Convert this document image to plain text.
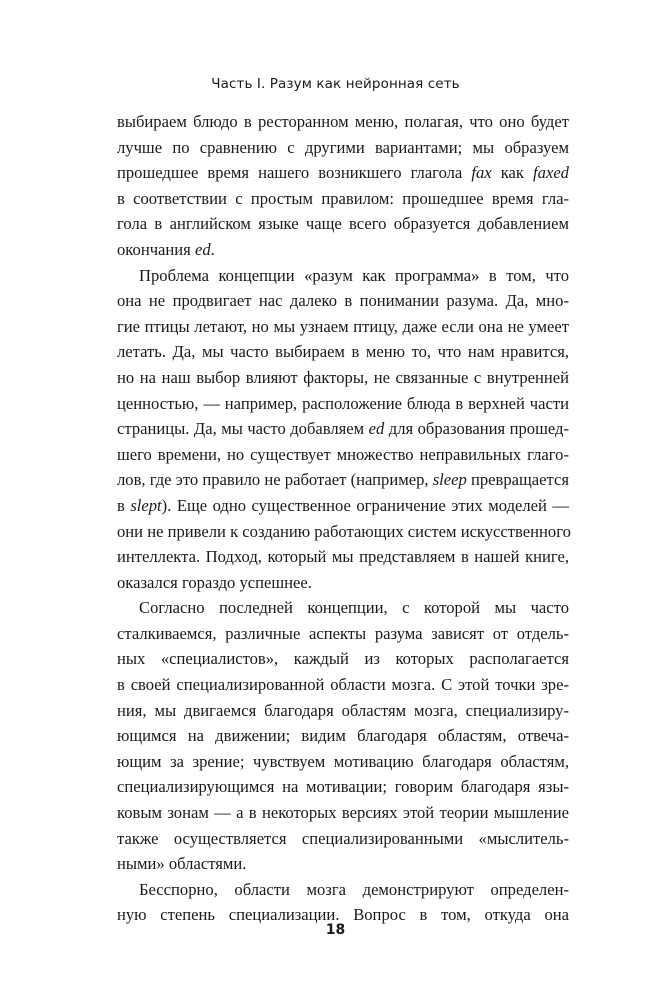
Часть I. Разум как нейронная сеть
выбираем блюдо в ресторанном меню, полагая, что оно будет
лучше по сравнению с другими вариантами; мы образуем
прошедшее время нашего возникшего глагола fax как faxed
в соответствии с простым правилом: прошедшее время гла-
гола в английском языке чаще всего образуется добавлением
окончания ed.
Проблема концепции «разум как программа» в том, что
она не продвигает нас далеко в понимании разума. Да, мно-
гие птицы летают, но мы узнаем птицу, даже если она не умеет
летать. Да, мы часто выбираем в меню то, что нам нравится,
но на наш выбор влияют факторы, не связанные с внутренней
ценностью, — например, расположение блюда в верхней части
страницы. Да, мы часто добавляем ed для образования прошед-
шего времени, но существует множество неправильных глаго-
лов, где это правило не работает (например, sleep превращается
в slept). Еще одно существенное ограничение этих моделей —
они не привели к созданию работающих систем искусственного
интеллекта. Подход, который мы представляем в нашей книге,
оказался гораздо успешнее.
Согласно последней концепции, с которой мы часто
сталкиваемся, различные аспекты разума зависят от отдель-
ных «специалистов», каждый из которых располагается
в своей специализированной области мозга. С этой точки зре-
ния, мы двигаемся благодаря областям мозга, специализиру-
ющимся на движении; видим благодаря областям, отвеча-
ющим за зрение; чувствуем мотивацию благодаря областям,
специализирующимся на мотивации; говорим благодаря язы-
ковым зонам — а в некоторых версиях этой теории мышление
также осуществляется специализированными «мыслитель-
ными» областями.
Бесспорно, области мозга демонстрируют определен-
ную степень специализации. Вопрос в том, откуда она
18
